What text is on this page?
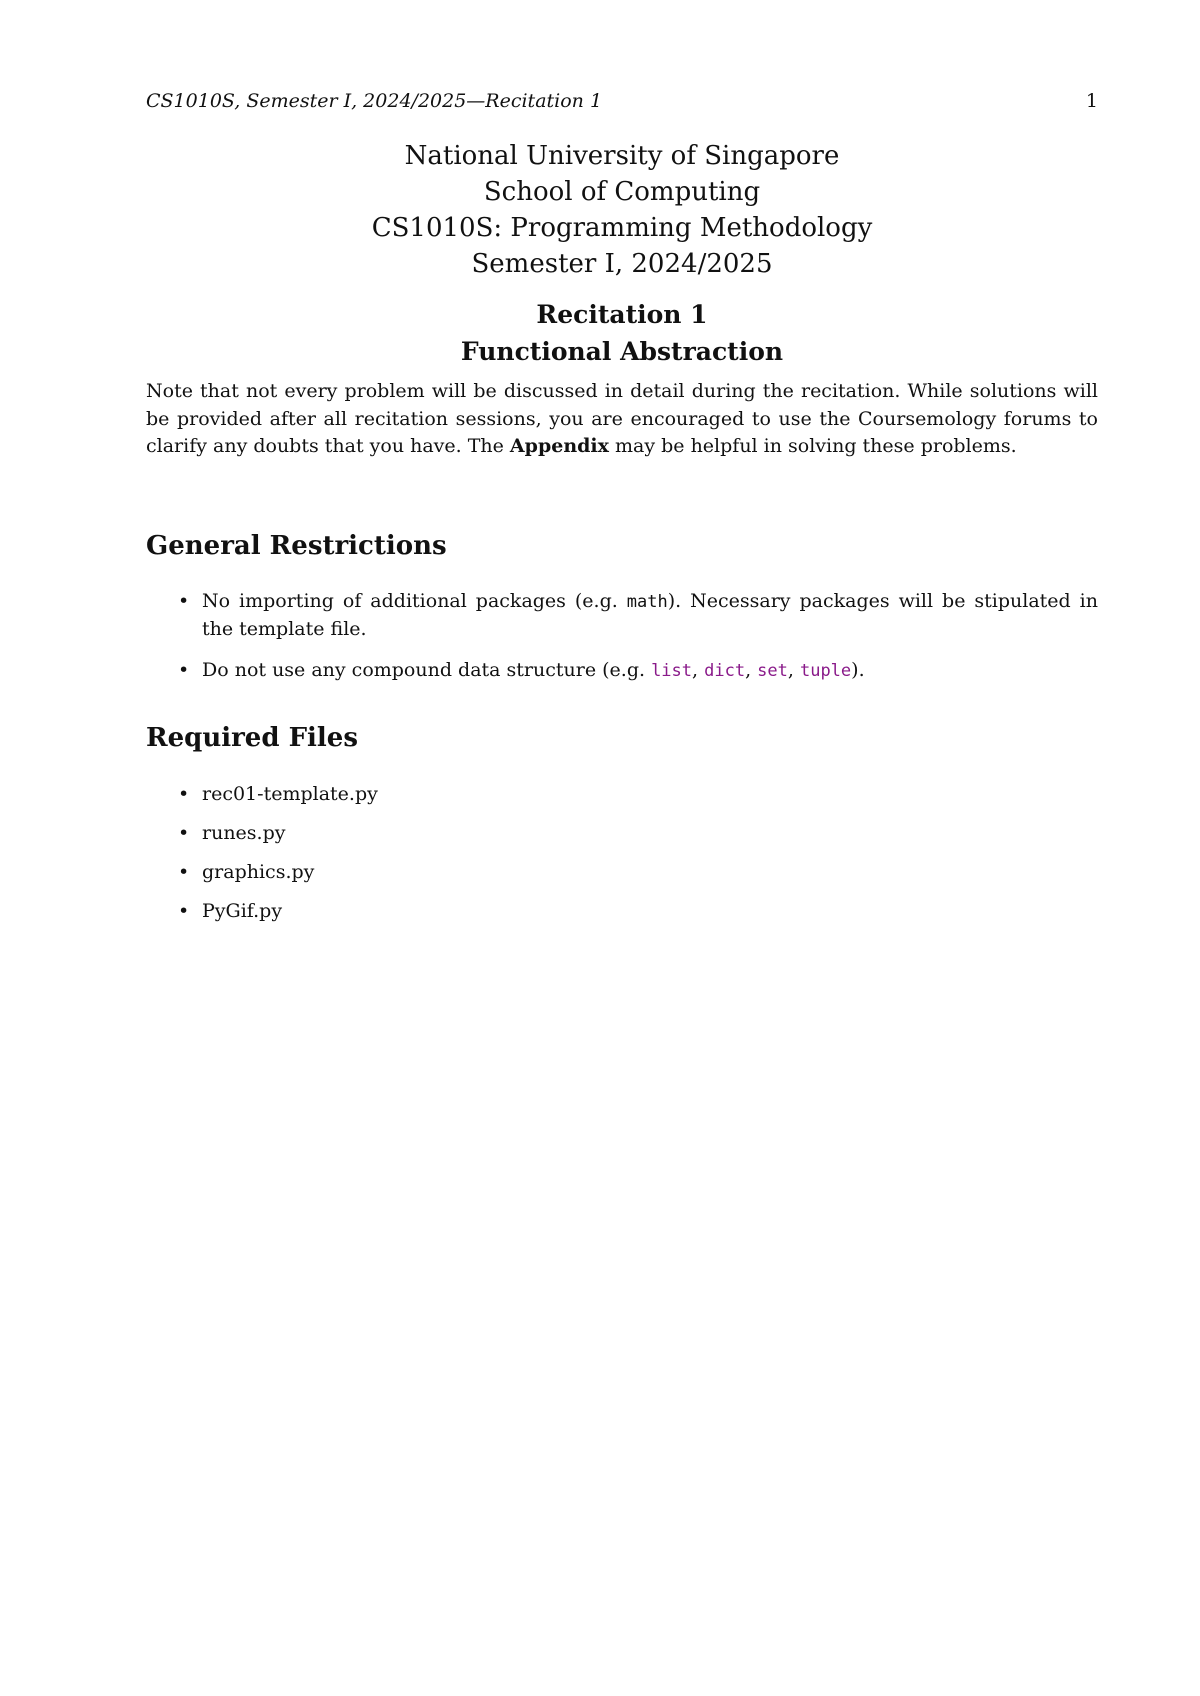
CS1010S, Semester I, 2024/2025—Recitation 1	1
National University of Singapore
School of Computing
CS1010S: Programming Methodology
Semester I, 2024/2025
Recitation 1
Functional Abstraction
Note that not every problem will be discussed in detail during the recitation. While solutions will be provided after all recitation sessions, you are encouraged to use the Coursemology forums to clarify any doubts that you have. The Appendix may be helpful in solving these problems.
General Restrictions
• No importing of additional packages (e.g. math). Necessary packages will be stipulated in the template file.
• Do not use any compound data structure (e.g. list, dict, set, tuple).
Required Files
• rec01-template.py
• runes.py
• graphics.py
• PyGif.py
